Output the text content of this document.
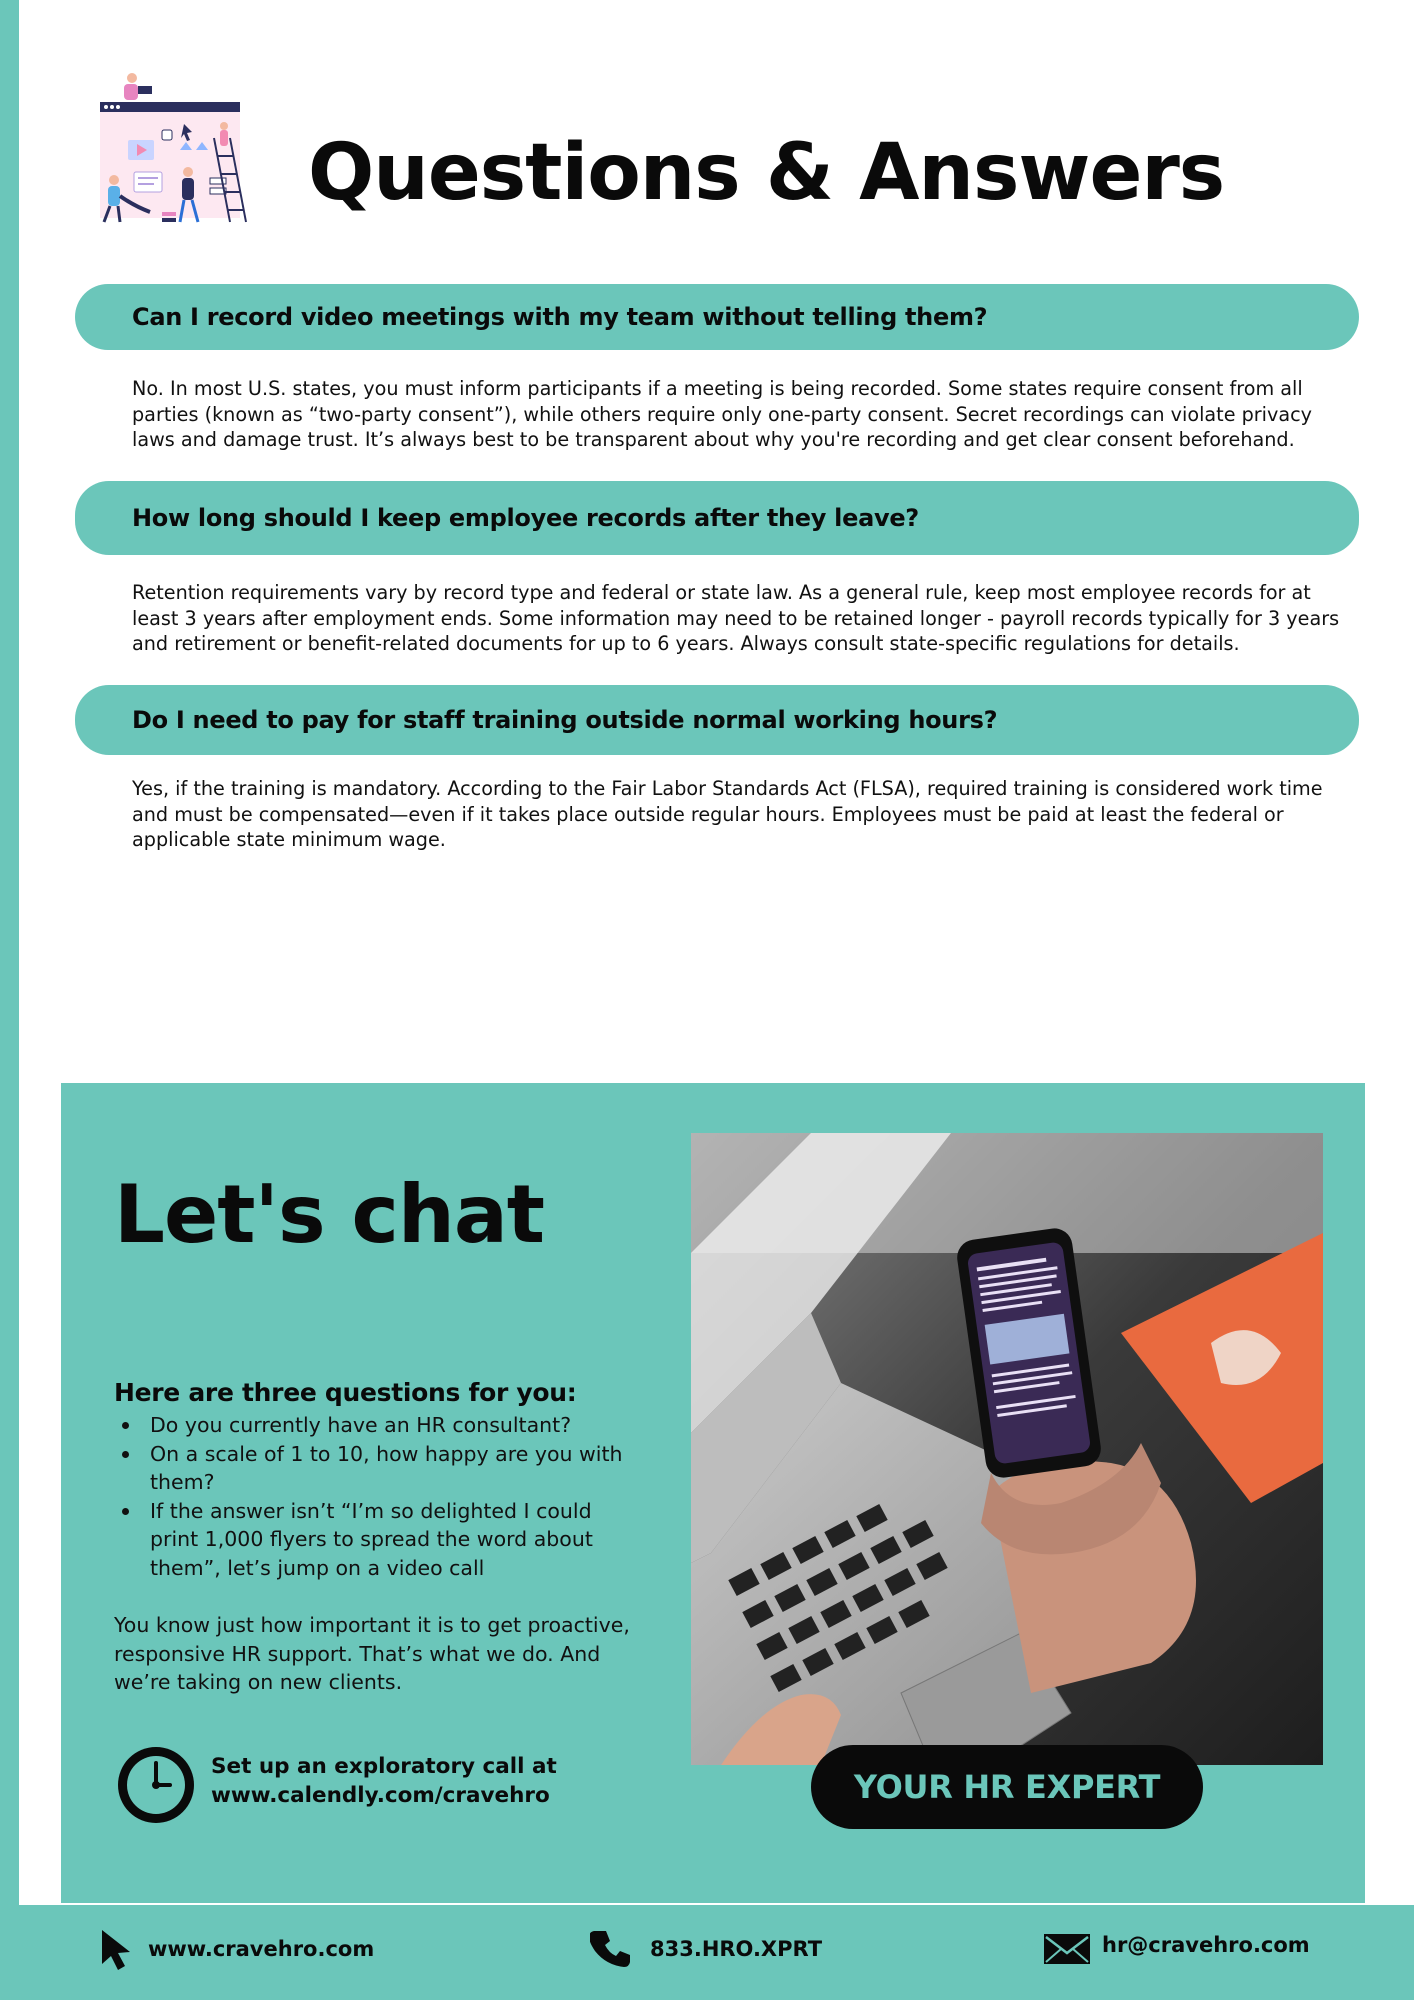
Questions & Answers
Can I record video meetings with my team without telling them?

No. In most U.S. states, you must inform participants if a meeting is being recorded. Some states require consent from all parties (known as “two-party consent”), while others require only one-party consent. Secret recordings can violate privacy laws and damage trust. It’s always best to be transparent about why you're recording and get clear consent beforehand.

How long should I keep employee records after they leave?

Retention requirements vary by record type and federal or state law. As a general rule, keep most employee records for at least 3 years after employment ends. Some information may need to be retained longer - payroll records typically for 3 years and retirement or benefit-related documents for up to 6 years. Always consult state-specific regulations for details.

Do I need to pay for staff training outside normal working hours?

Yes, if the training is mandatory. According to the Fair Labor Standards Act (FLSA), required training is considered work time and must be compensated—even if it takes place outside regular hours. Employees must be paid at least the federal or applicable state minimum wage.

Let's chat
Here are three questions for you:
Do you currently have an HR consultant?
On a scale of 1 to 10, how happy are you with them?
If the answer isn’t “I’m so delighted I could print 1,000 flyers to spread the word about them”, let’s jump on a video call

You know just how important it is to get proactive, responsive HR support. That’s what we do. And we’re taking on new clients.

Set up an exploratory call at
www.calendly.com/cravehro	YOUR HR EXPERT
www.cravehro.com	833.HRO.XPRT	hr@cravehro.com
